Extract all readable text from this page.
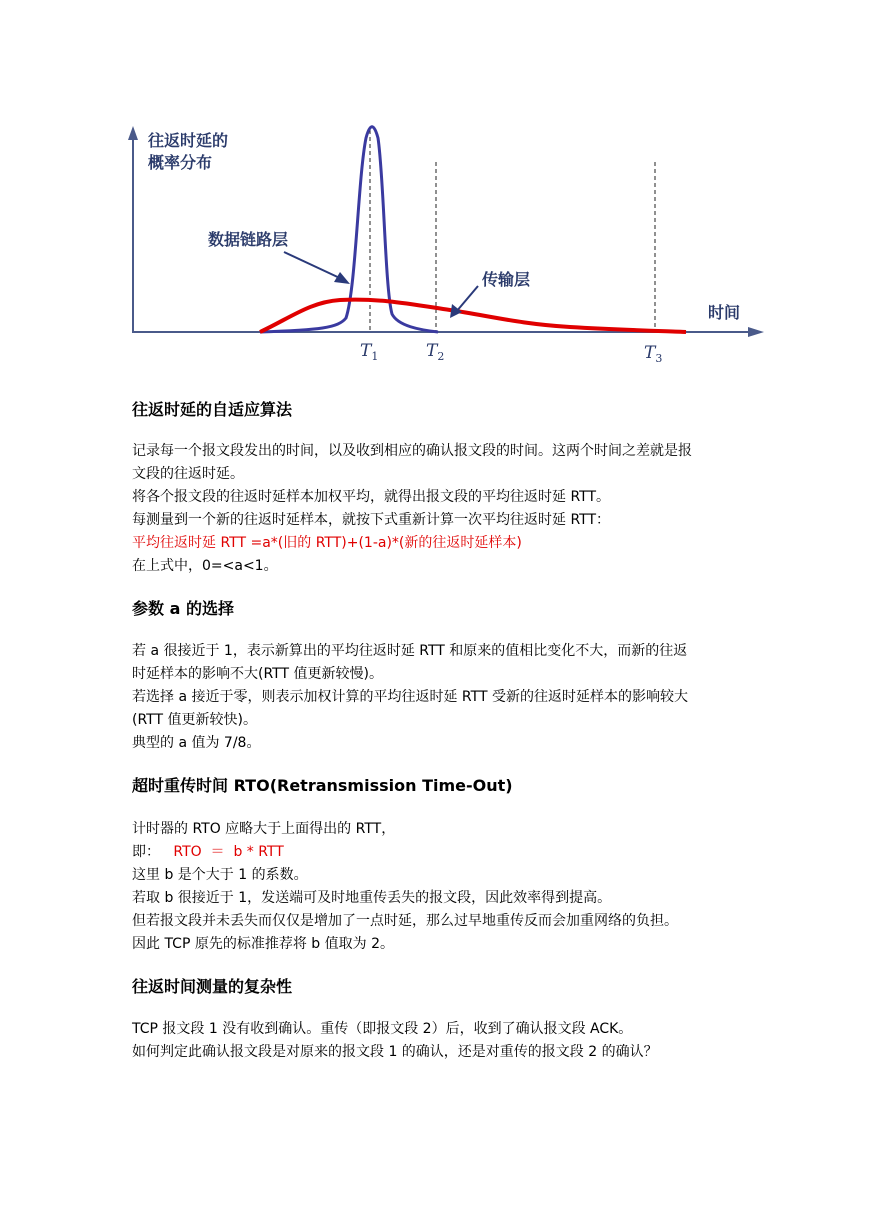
往返时延的
概率分布
数据链路层
传输层
时间
$T_1$	$T_2$	$T_3$
往返时延的自适应算法

记录每一个报文段发出的时间，以及收到相应的确认报文段的时间。这两个时间之差就是报

文段的往返时延。

将各个报文段的往返时延样本加权平均，就得出报文段的平均往返时延 RTT。

每测量到一个新的往返时延样本，就按下式重新计算一次平均往返时延 RTT：

平均往返时延 RTT =a*(旧的 RTT)+(1-a)*(新的往返时延样本)

在上式中，0=<a<1。

参数 a 的选择

若 a 很接近于 1，表示新算出的平均往返时延 RTT 和原来的值相比变化不大，而新的往返

时延样本的影响不大(RTT 值更新较慢)。

若选择 a 接近于零，则表示加权计算的平均往返时延 RTT 受新的往返时延样本的影响较大

(RTT 值更新较快)。

典型的 a 值为 7/8。

超时重传时间 RTO(Retransmission Time-Out)

计时器的 RTO 应略大于上面得出的 RTT，

即： RTO  ＝  b * RTT

这里 b 是个大于 1 的系数。

若取 b 很接近于 1，发送端可及时地重传丢失的报文段，因此效率得到提高。

但若报文段并未丢失而仅仅是增加了一点时延，那么过早地重传反而会加重网络的负担。

因此 TCP 原先的标准推荐将 b 值取为 2。

往返时间测量的复杂性

TCP 报文段 1 没有收到确认。重传（即报文段 2）后，收到了确认报文段 ACK。

如何判定此确认报文段是对原来的报文段 1 的确认，还是对重传的报文段 2 的确认？
